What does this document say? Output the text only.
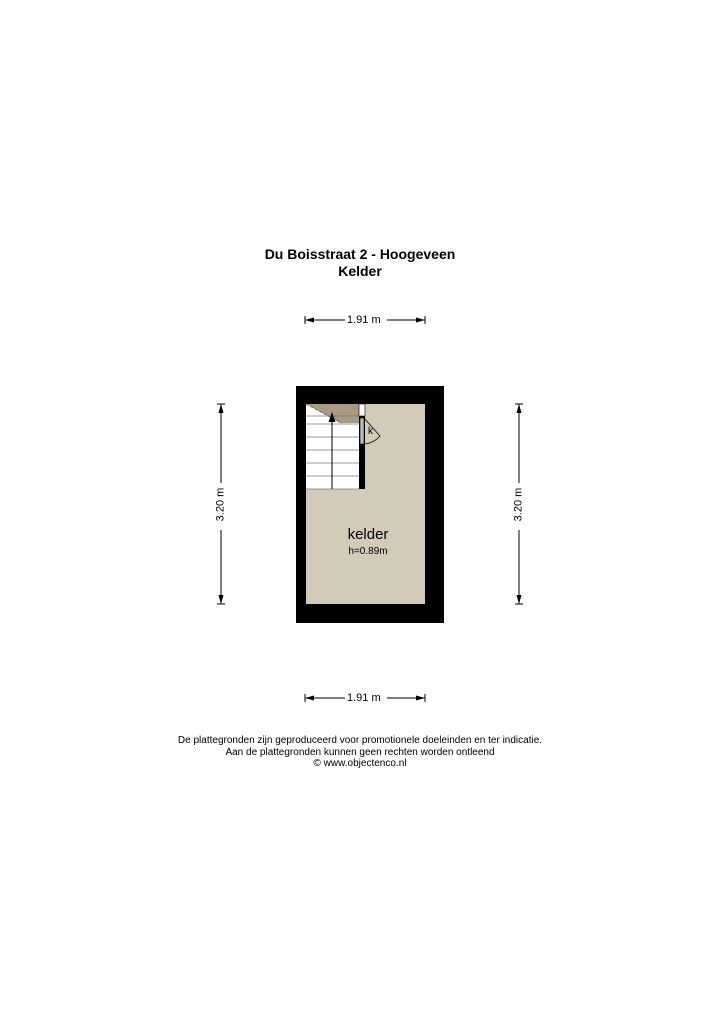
Du Boisstraat 2 - Hoogeveen
Kelder
1.91 m
1.91 m
3.20 m	3.20 m
kelder
h=0.89m
k
De plattegronden zijn geproduceerd voor promotionele doeleinden en ter indicatie.
Aan de plattegronden kunnen geen rechten worden ontleend
© www.objectenco.nl
